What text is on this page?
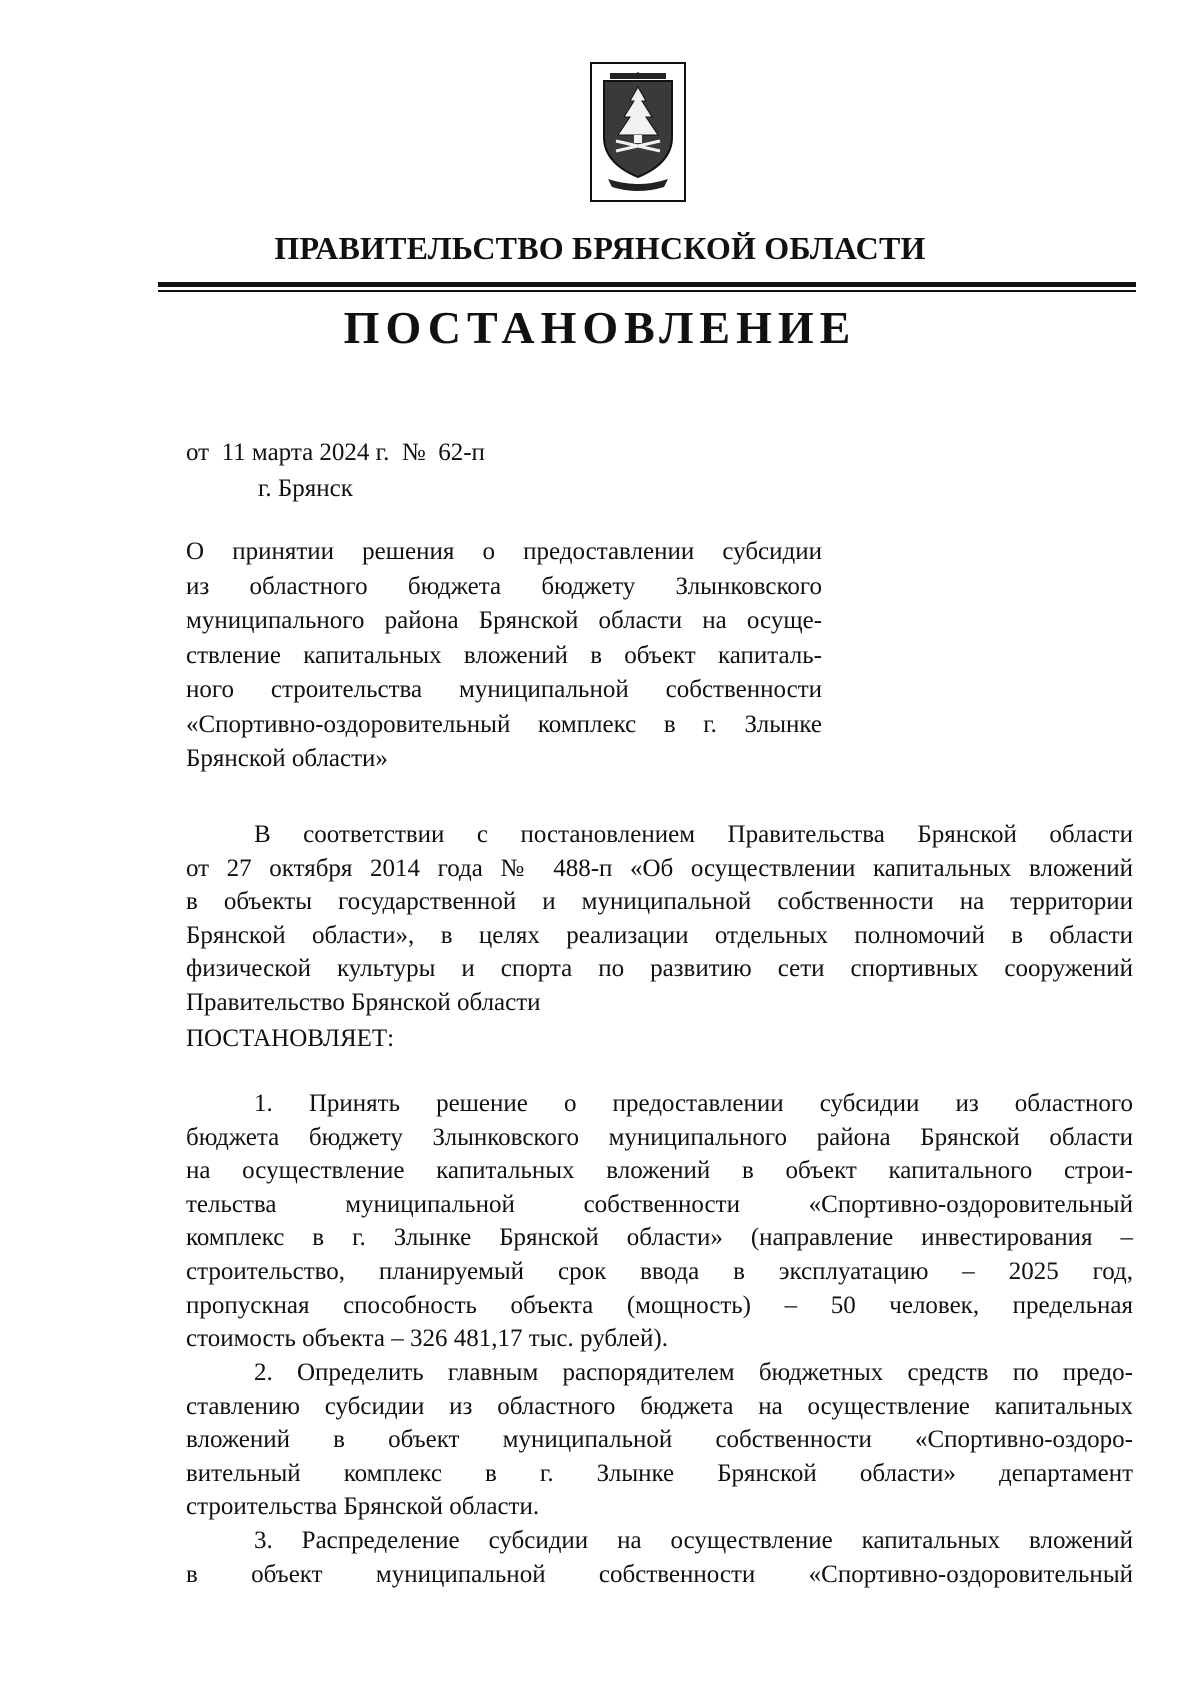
ПРАВИТЕЛЬСТВО БРЯНСКОЙ ОБЛАСТИ
ПОСТАНОВЛЕНИЕ
от  11 марта 2024 г.  №  62-п
г. Брянск
О принятии решения о предоставлении субсидии
из областного бюджета бюджету Злынковского
муниципального района Брянской области на осуще-
ствление капитальных вложений в объект капиталь-
ного строительства муниципальной собственности
«Спортивно-оздоровительный комплекс в г. Злынке
Брянской области»
В соответствии с постановлением Правительства Брянской области
от 27 октября 2014 года № 488-п «Об осуществлении капитальных вложений
в объекты государственной и муниципальной собственности на территории
Брянской области», в целях реализации отдельных полномочий в области
физической культуры и спорта по развитию сети спортивных сооружений
Правительство Брянской области
ПОСТАНОВЛЯЕТ:
1. Принять решение о предоставлении субсидии из областного
бюджета бюджету Злынковского муниципального района Брянской области
на осуществление капитальных вложений в объект капитального строи-
тельства муниципальной собственности «Спортивно-оздоровительный
комплекс в г. Злынке Брянской области» (направление инвестирования –
строительство, планируемый срок ввода в эксплуатацию – 2025 год,
пропускная способность объекта (мощность) – 50 человек, предельная
стоимость объекта – 326 481,17 тыс. рублей).
2. Определить главным распорядителем бюджетных средств по предо-
ставлению субсидии из областного бюджета на осуществление капитальных
вложений в объект муниципальной собственности «Спортивно-оздоро-
вительный комплекс в г. Злынке Брянской области» департамент
строительства Брянской области.
3. Распределение субсидии на осуществление капитальных вложений
в объект муниципальной собственности «Спортивно-оздоровительный
